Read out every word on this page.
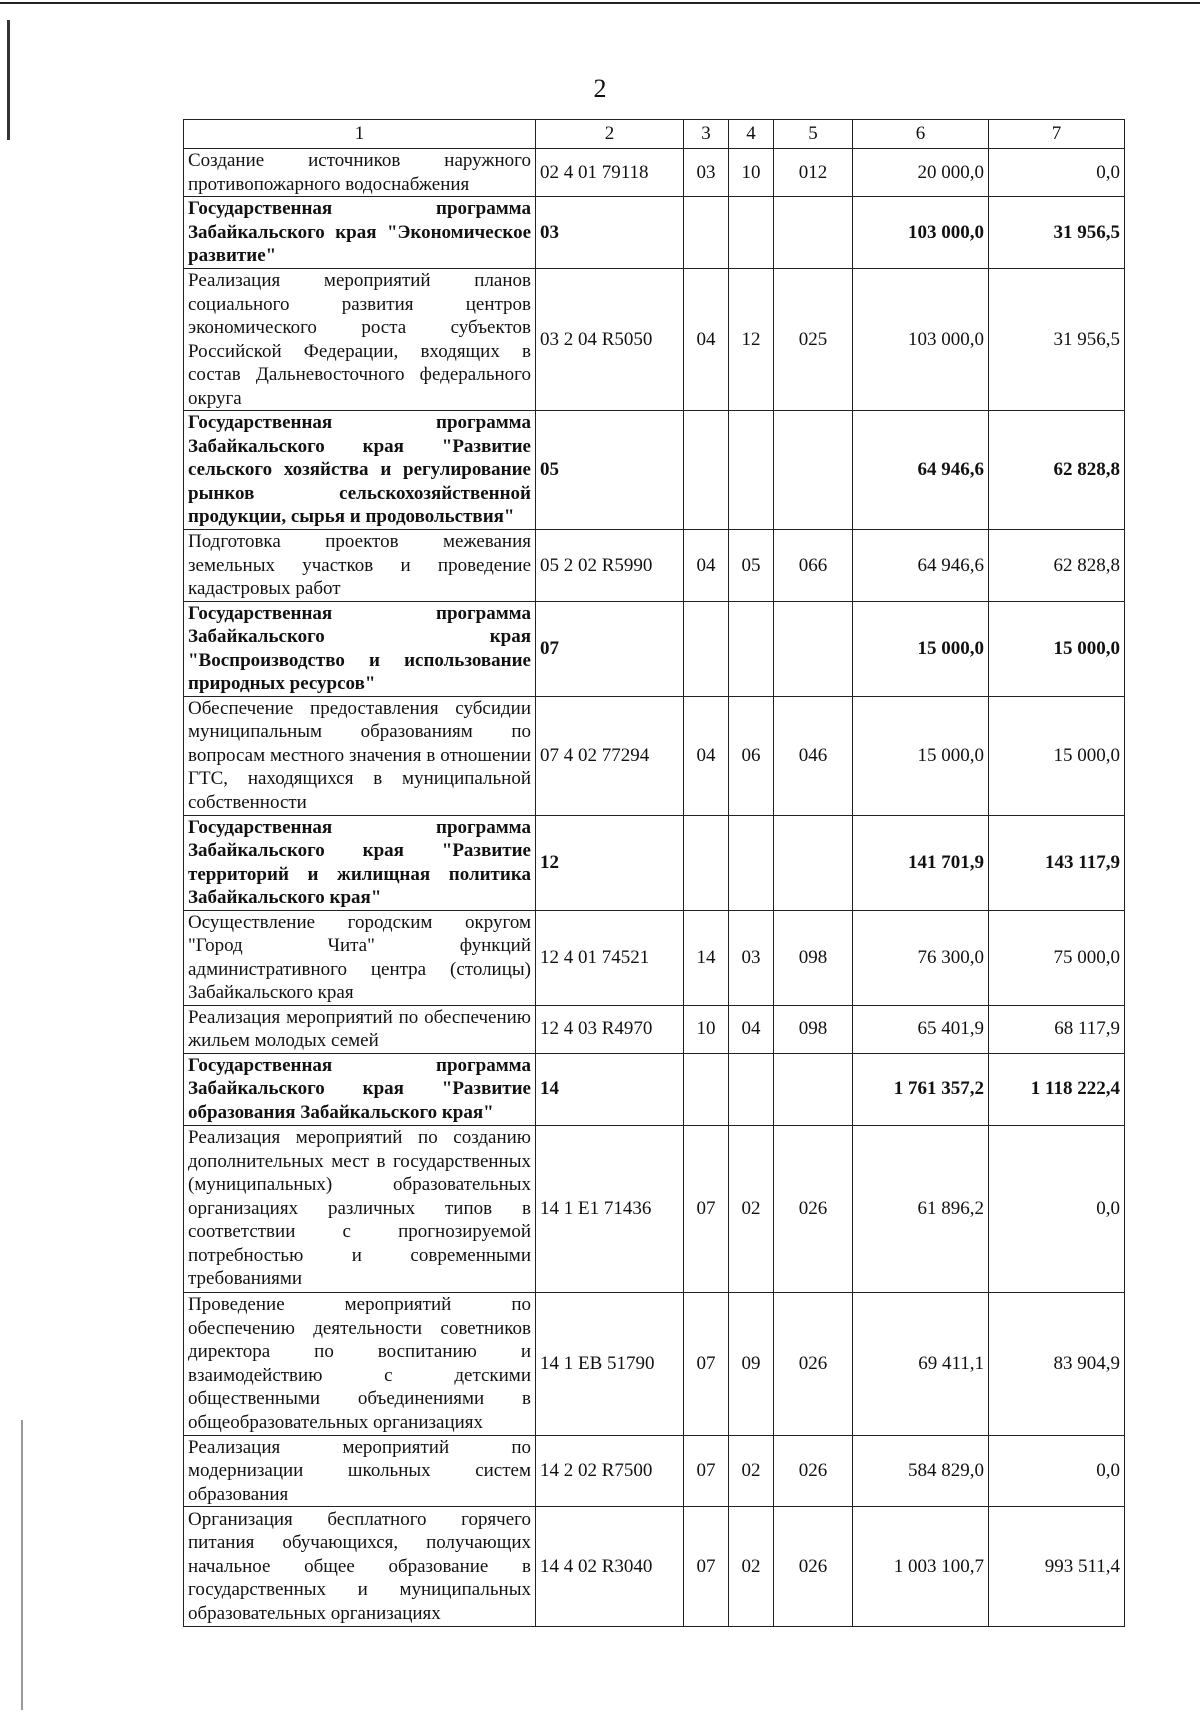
2
1	2	3	4	5	6	7
Создание источников наружного противопожарного водоснабжения	02 4 01 79118	03	10	012	20 000,0	0,0
Государственная программа Забайкальского края "Экономическое развитие"	03				103 000,0	31 956,5
Реализация мероприятий планов социального развития центров экономического роста субъектов Российской Федерации, входящих в состав Дальневосточного федерального округа	03 2 04 R5050	04	12	025	103 000,0	31 956,5
Государственная программа Забайкальского края "Развитие сельского хозяйства и регулирование рынков сельскохозяйственной продукции, сырья и продовольствия"	05				64 946,6	62 828,8
Подготовка проектов межевания земельных участков и проведение кадастровых работ	05 2 02 R5990	04	05	066	64 946,6	62 828,8
Государственная программа Забайкальского края "Воспроизводство и использование природных ресурсов"	07				15 000,0	15 000,0
Обеспечение предоставления субсидии муниципальным образованиям по вопросам местного значения в отношении ГТС, находящихся в муниципальной собственности	07 4 02 77294	04	06	046	15 000,0	15 000,0
Государственная программа Забайкальского края "Развитие территорий и жилищная политика Забайкальского края"	12				141 701,9	143 117,9
Осуществление городским округом "Город Чита" функций административного центра (столицы) Забайкальского края	12 4 01 74521	14	03	098	76 300,0	75 000,0
Реализация мероприятий по обеспечению жильем молодых семей	12 4 03 R4970	10	04	098	65 401,9	68 117,9
Государственная программа Забайкальского края "Развитие образования Забайкальского края"	14				1 761 357,2	1 118 222,4
Реализация мероприятий по созданию дополнительных мест в государственных (муниципальных) образовательных организациях различных типов в соответствии с прогнозируемой потребностью и современными требованиями	14 1 E1 71436	07	02	026	61 896,2	0,0
Проведение мероприятий по обеспечению деятельности советников директора по воспитанию и взаимодействию с детскими общественными объединениями в общеобразовательных организациях	14 1 EB 51790	07	09	026	69 411,1	83 904,9
Реализация мероприятий по модернизации школьных систем образования	14 2 02 R7500	07	02	026	584 829,0	0,0
Организация бесплатного горячего питания обучающихся, получающих начальное общее образование в государственных и муниципальных образовательных организациях	14 4 02 R3040	07	02	026	1 003 100,7	993 511,4
